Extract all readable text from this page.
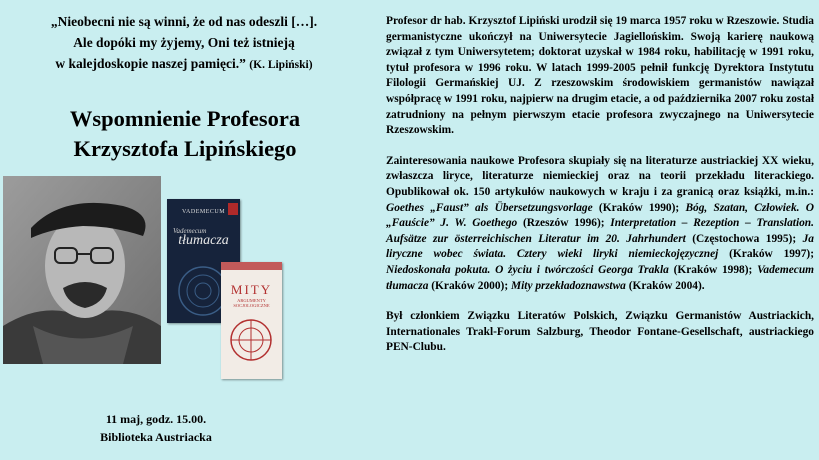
„Nieobecni nie są winni, że od nas odeszli […].
Ale dopóki my żyjemy, Oni też istnieją
w kalejdoskopie naszej pamięci.” (K. Lipiński)
Wspomnienie Profesora
Krzysztofa Lipińskiego
VADEMECUM
Vademecum
tłumacza
MITY
ARGUMENTY SOCJOLOGICZNE
11 maj, godz. 15.00.
Biblioteka Austriacka

Profesor dr hab. Krzysztof Lipiński urodził się 19 marca 1957 roku w Rzeszowie. Studia germanistyczne ukończył na Uniwersytecie Jagiellońskim. Swoją karierę naukową związał z tym Uniwersytetem; doktorat uzyskał w 1984 roku, habilitację w 1991 roku, tytuł profesora w 1996 roku. W latach 1999-2005 pełnił funkcję Dyrektora Instytutu Filologii Germańskiej UJ. Z rzeszowskim środowiskiem germanistów nawiązał współpracę w 1991 roku, najpierw na drugim etacie, a od października 2007 roku został zatrudniony na pełnym pierwszym etacie profesora zwyczajnego na Uniwersytecie Rzeszowskim.

Zainteresowania naukowe Profesora skupiały się na literaturze austriackiej XX wieku, zwłaszcza liryce, literaturze niemieckiej oraz na teorii przekładu literackiego. Opublikował ok. 150 artykułów naukowych w kraju i za granicą oraz książki, m.in.: Goethes „Faust” als Übersetzungsvorlage (Kraków 1990); Bóg, Szatan, Człowiek. O „Fauście” J. W. Goethego (Rzeszów 1996); Interpretation – Rezeption – Translation. Aufsätze zur österreichischen Literatur im 20. Jahrhundert (Częstochowa 1995); Ja liryczne wobec świata. Cztery wieki liryki niemieckojęzycznej (Kraków 1997); Niedoskonała pokuta. O życiu i twórczości Georga Trakla (Kraków 1998); Vademecum tłumacza (Kraków 2000); Mity przekładoznawstwa (Kraków 2004).

Był członkiem Związku Literatów Polskich, Związku Germanistów Austriackich, Internationales Trakl-Forum Salzburg, Theodor Fontane-Gesellschaft, austriackiego PEN-Clubu.
